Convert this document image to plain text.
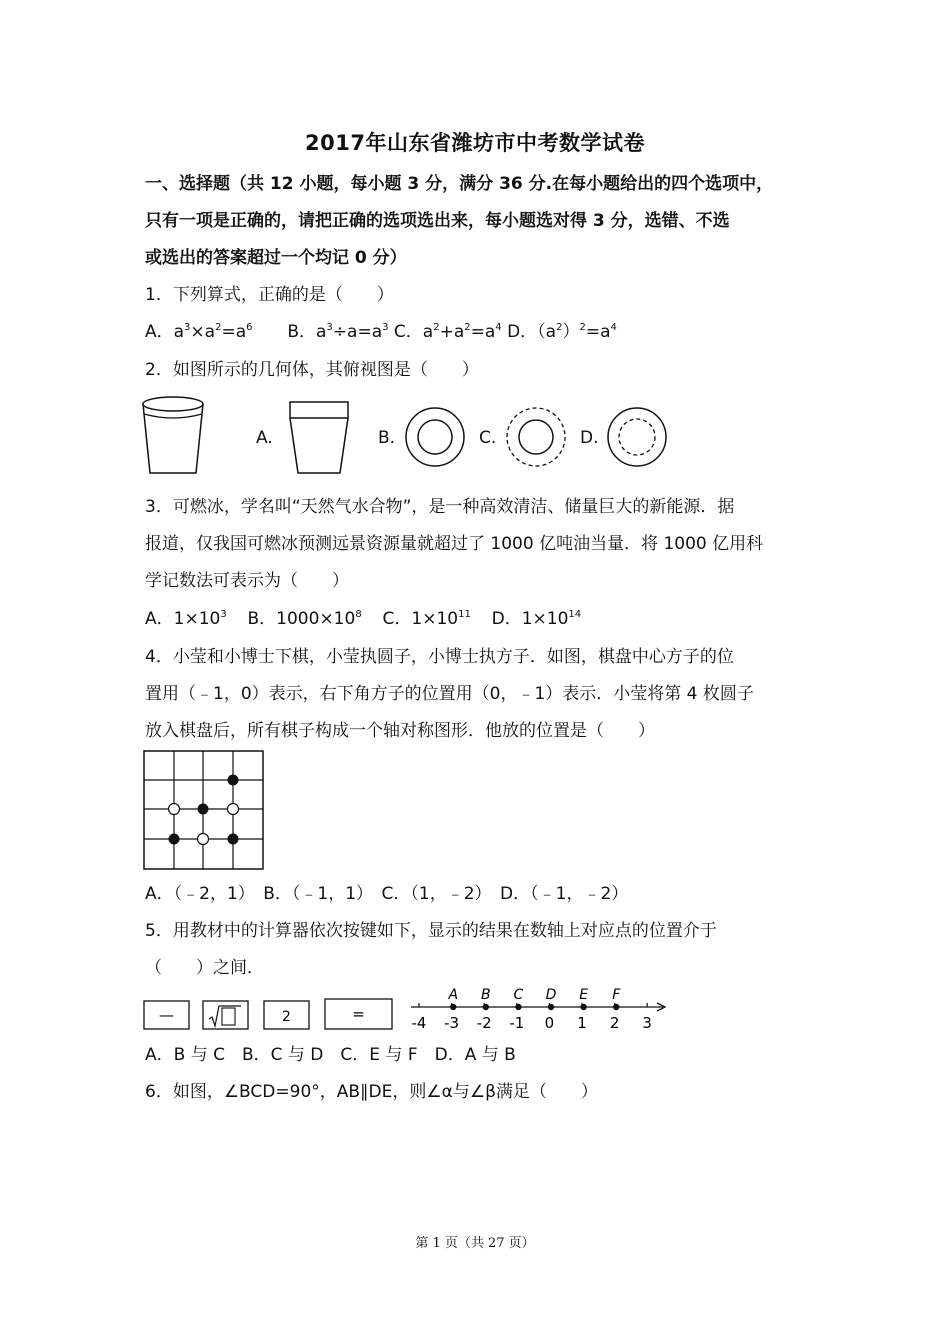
2017年山东省潍坊市中考数学试卷
一、选择题（共 12 小题，每小题 3 分，满分 36 分.在每小题给出的四个选项中，
只有一项是正确的，请把正确的选项选出来，每小题选对得 3 分，选错、不选
或选出的答案超过一个均记 0 分）
1．下列算式，正确的是（　　）
A．$a^3\times a^2=a^6$ B．$a^3\div a=a^3$ C．$a^2+a^2=a^4$ D．$(a^2)^2=a^4$
2．如图所示的几何体，其俯视图是（　　）
A.	B.	C.	D.
3．可燃冰，学名叫“天然气水合物”，是一种高效清洁、储量巨大的新能源．据
报道，仅我国可燃冰预测远景资源量就超过了 1000 亿吨油当量．将 1000 亿用科
学记数法可表示为（　　）
A．$1\times 10^3$ B．$1000\times 10^8$ C．$1\times 10^{11}$ D．$1\times 10^{14}$
4．小莹和小博士下棋，小莹执圆子，小博士执方子．如图，棋盘中心方子的位
置用（﹣1，0）表示，右下角方子的位置用（0，﹣1）表示．小莹将第 4 枚圆子
放入棋盘后，所有棋子构成一个轴对称图形．他放的位置是（　　）
A．（﹣2，1）　B．（﹣1，1）　C．（1，﹣2）　D．（﹣1，﹣2）
5．用教材中的计算器依次按键如下，显示的结果在数轴上对应点的位置介于
（　　）之间．
—	2	=	-4 -3 -2 -1 0 1 2 3
A B C D E F
A．B 与 C　B．C 与 D　C．E 与 F　D．A 与 B
6．如图，∠BCD=90°，AB∥DE，则∠α与∠β满足（　　）
第 1 页（共 27 页）
